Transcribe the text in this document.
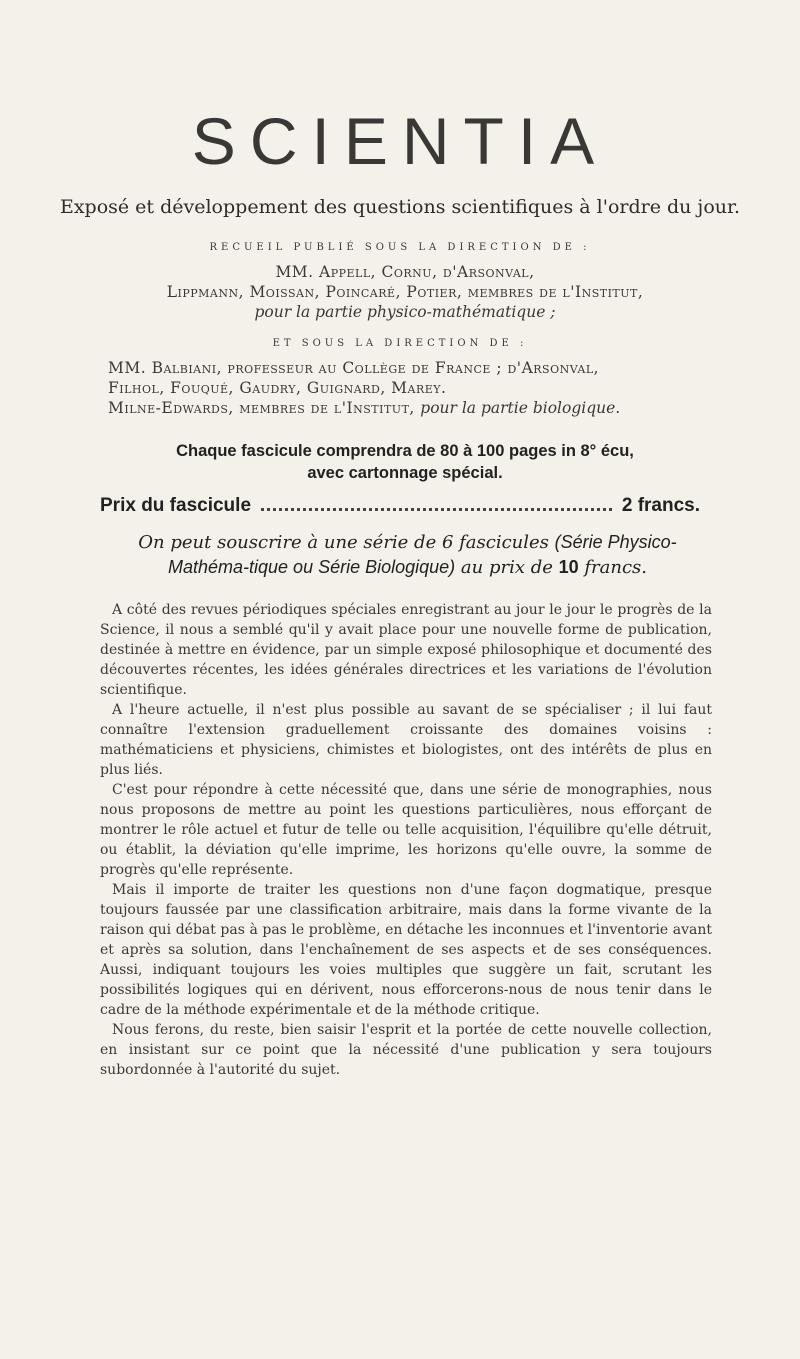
SCIENTIA
Exposé et développement des questions scientifiques à l'ordre du jour.
RECUEIL PUBLIÉ SOUS LA DIRECTION DE :
MM. Appell, Cornu, d'Arsonval,
Lippmann, Moissan, Poincaré, Potier, membres de l'Institut,
pour la partie physico-mathématique ;
ET SOUS LA DIRECTION DE :
MM. Balbiani, professeur au Collège de France ; d'Arsonval,
Filhol, Fouqué, Gaudry, Guignard, Marey.
Milne-Edwards, membres de l'Institut, pour la partie biologique.
Chaque fascicule comprendra de 80 à 100 pages in 8° écu,
avec cartonnage spécial.
Prix du fascicule	2 francs.
On peut souscrire à une série de 6 fascicules (Série Physico-Mathéma-tique ou Série Biologique) au prix de 10 francs.

A côté des revues périodiques spéciales enregistrant au jour le jour le progrès de la Science, il nous a semblé qu'il y avait place pour une nouvelle forme de publication, destinée à mettre en évidence, par un simple exposé philosophique et documenté des découvertes récentes, les idées générales directrices et les variations de l'évolution scientifique.

A l'heure actuelle, il n'est plus possible au savant de se spécialiser ; il lui faut connaître l'extension graduellement croissante des domaines voisins : mathématiciens et physiciens, chimistes et biologistes, ont des intérêts de plus en plus liés.

C'est pour répondre à cette nécessité que, dans une série de monographies, nous nous proposons de mettre au point les questions particulières, nous efforçant de montrer le rôle actuel et futur de telle ou telle acquisition, l'équilibre qu'elle détruit, ou établit, la déviation qu'elle imprime, les horizons qu'elle ouvre, la somme de progrès qu'elle représente.

Mais il importe de traiter les questions non d'une façon dogmatique, presque toujours faussée par une classification arbitraire, mais dans la forme vivante de la raison qui débat pas à pas le problème, en détache les inconnues et l'inventorie avant et après sa solution, dans l'enchaînement de ses aspects et de ses conséquences. Aussi, indiquant toujours les voies multiples que suggère un fait, scrutant les possibilités logiques qui en dérivent, nous efforcerons-nous de nous tenir dans le cadre de la méthode expérimentale et de la méthode critique.

Nous ferons, du reste, bien saisir l'esprit et la portée de cette nouvelle collection, en insistant sur ce point que la nécessité d'une publication y sera toujours subordonnée à l'autorité du sujet.
